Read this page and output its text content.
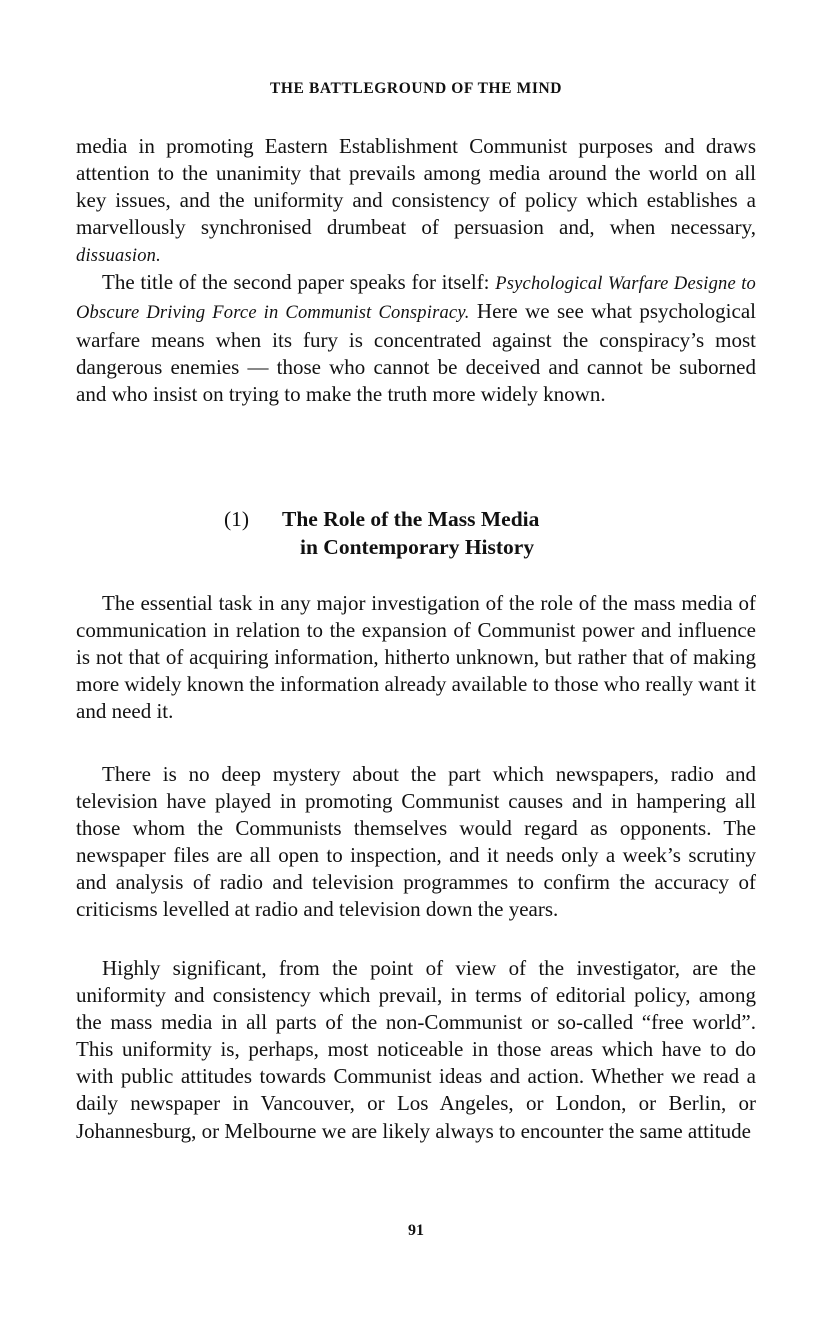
THE BATTLEGROUND OF THE MIND

media in promoting Eastern Establishment Communist purposes and draws attention to the unanimity that prevails among media around the world on all key issues, and the uniformity and consistency of policy which establishes a marvellously synchronised drumbeat of persuasion and, when necessary, dissuasion.

The title of the second paper speaks for itself: Psychological Warfare Designe to Obscure Driving Force in Communist Conspiracy. Here we see what psychological warfare means when its fury is concentrated against the conspiracy’s most dangerous enemies — those who cannot be deceived and cannot be suborned and who insist on trying to make the truth more widely known.

(1) The Role of the Mass Media
in Contemporary History

The essential task in any major investigation of the role of the mass media of communication in relation to the expansion of Communist power and influence is not that of acquiring information, hitherto unknown, but rather that of making more widely known the information already available to those who really want it and need it.

There is no deep mystery about the part which newspapers, radio and television have played in promoting Communist causes and in hampering all those whom the Communists themselves would regard as opponents. The newspaper files are all open to inspection, and it needs only a week’s scrutiny and analysis of radio and television programmes to confirm the accuracy of criticisms levelled at radio and television down the years.

Highly significant, from the point of view of the investigator, are the uniformity and consistency which prevail, in terms of editorial policy, among the mass media in all parts of the non-Communist or so-called “free world”. This uniformity is, perhaps, most noticeable in those areas which have to do with public attitudes towards Communist ideas and action. Whether we read a daily newspaper in Vancouver, or Los Angeles, or London, or Berlin, or Johannesburg, or Melbourne we are likely always to encounter the same attitude

91
